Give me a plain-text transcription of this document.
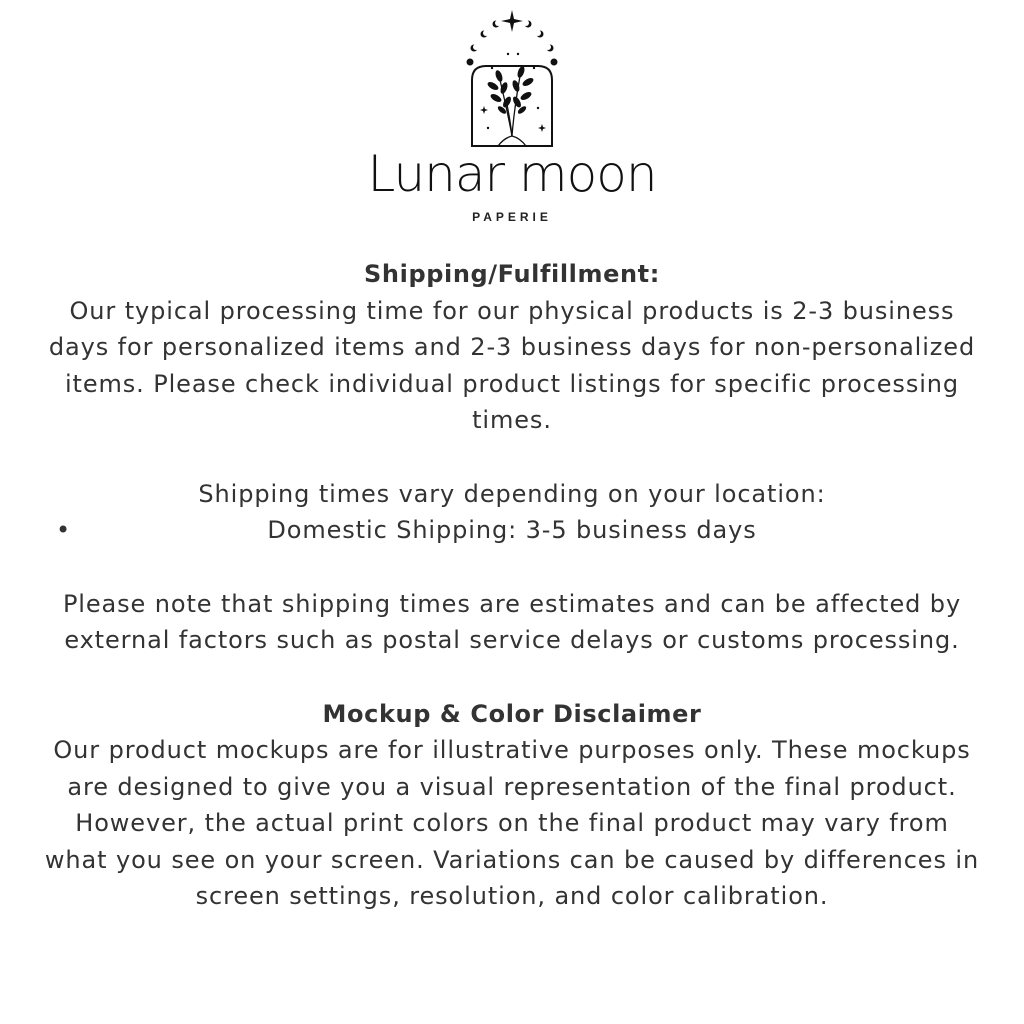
Lunar moon
PAPERIE

Shipping/Fulfillment:

Our typical processing time for our physical products is 2-3 business days for personalized items and 2-3 business days for non-personalized items. Please check individual product listings for specific processing times.

Shipping times vary depending on your location:

•	Domestic Shipping: 3-5 business days

Please note that shipping times are estimates and can be affected by external factors such as postal service delays or customs processing.

Mockup & Color Disclaimer

Our product mockups are for illustrative purposes only. These mockups are designed to give you a visual representation of the final product. However, the actual print colors on the final product may vary from what you see on your screen. Variations can be caused by differences in screen settings, resolution, and color calibration.
